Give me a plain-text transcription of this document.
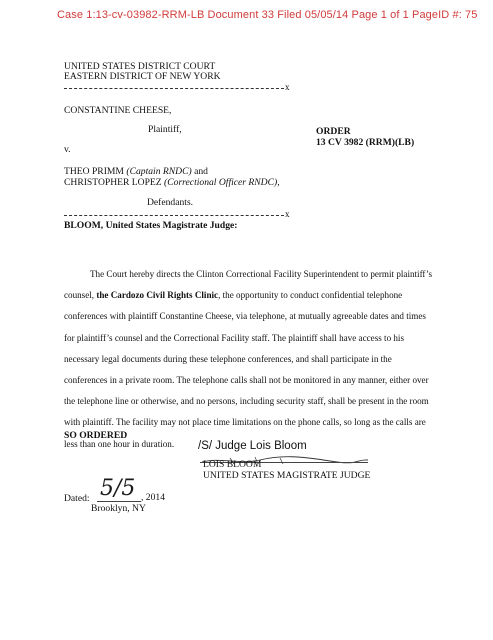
Case 1:13-cv-03982-RRM-LB Document 33 Filed 05/05/14 Page 1 of 1 PageID #: 75
UNITED STATES DISTRICT COURT
EASTERN DISTRICT OF NEW YORK
x
CONSTANTINE CHEESE,
Plaintiff,
v.
THEO PRIMM (Captain RNDC) and
CHRISTOPHER LOPEZ (Correctional Officer RNDC),
Defendants.
x
ORDER
13 CV 3982 (RRM)(LB)
BLOOM, United States Magistrate Judge:

The Court hereby directs the Clinton Correctional Facility Superintendent to permit plaintiff’s counsel, the Cardozo Civil Rights Clinic, the opportunity to conduct confidential telephone conferences with plaintiff Constantine Cheese, via telephone, at mutually agreeable dates and times for plaintiff’s counsel and the Correctional Facility staff. The plaintiff shall have access to his necessary legal documents during these telephone conferences, and shall participate in the conferences in a private room. The telephone calls shall not be monitored in any manner, either over the telephone line or otherwise, and no persons, including security staff, shall be present in the room with plaintiff. The facility may not place time limitations on the phone calls, so long as the calls are less than one hour in duration.

SO ORDERED
/S/ Judge Lois Bloom
LOIS BLOOM
UNITED STATES MAGISTRATE JUDGE
Dated: 5/5 , 2014
Brooklyn, NY
